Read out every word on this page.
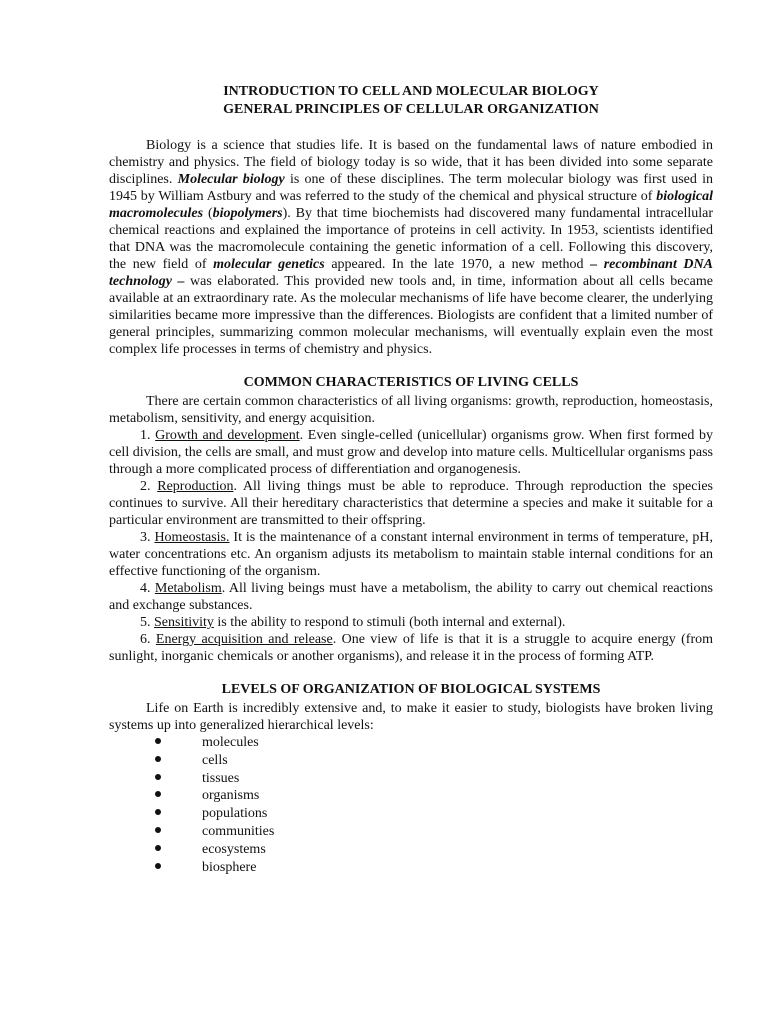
INTRODUCTION TO CELL AND MOLECULAR BIOLOGY
GENERAL PRINCIPLES OF CELLULAR ORGANIZATION

Biology is a science that studies life. It is based on the fundamental laws of nature embodied in chemistry and physics. The field of biology today is so wide, that it has been divided into some separate disciplines. Molecular biology is one of these disciplines. The term molecular biology was first used in 1945 by William Astbury and was referred to the study of the chemical and physical structure of biological macromolecules (biopolymers). By that time biochemists had discovered many fundamental intracellular chemical reactions and explained the importance of proteins in cell activity. In 1953, scientists identified that DNA was the macromolecule containing the genetic information of a cell. Following this discovery, the new field of molecular genetics appeared. In the late 1970, a new method – recombinant DNA technology – was elaborated. This provided new tools and, in time, information about all cells became available at an extraordinary rate. As the molecular mechanisms of life have become clearer, the underlying similarities became more impressive than the differences. Biologists are confident that a limited number of general principles, summarizing common molecular mechanisms, will eventually explain even the most complex life processes in terms of chemistry and physics.

COMMON CHARACTERISTICS OF LIVING CELLS

There are certain common characteristics of all living organisms: growth, reproduction, homeostasis, metabolism, sensitivity, and energy acquisition.

1. Growth and development. Even single-celled (unicellular) organisms grow. When first formed by cell division, the cells are small, and must grow and develop into mature cells. Multicellular organisms pass through a more complicated process of differentiation and organogenesis.

2. Reproduction. All living things must be able to reproduce. Through reproduction the species continues to survive. All their hereditary characteristics that determine a species and make it suitable for a particular environment are transmitted to their offspring.

3. Homeostasis. It is the maintenance of a constant internal environment in terms of temperature, pH, water concentrations etc. An organism adjusts its metabolism to maintain stable internal conditions for an effective functioning of the organism.

4. Metabolism. All living beings must have a metabolism, the ability to carry out chemical reactions and exchange substances.

5. Sensitivity is the ability to respond to stimuli (both internal and external).

6. Energy acquisition and release. One view of life is that it is a struggle to acquire energy (from sunlight, inorganic chemicals or another organisms), and release it in the process of forming ATP.

LEVELS OF ORGANIZATION OF BIOLOGICAL SYSTEMS

Life on Earth is incredibly extensive and, to make it easier to study, biologists have broken living systems up into generalized hierarchical levels:

molecules
cells
tissues
organisms
populations
communities
ecosystems
biosphere
